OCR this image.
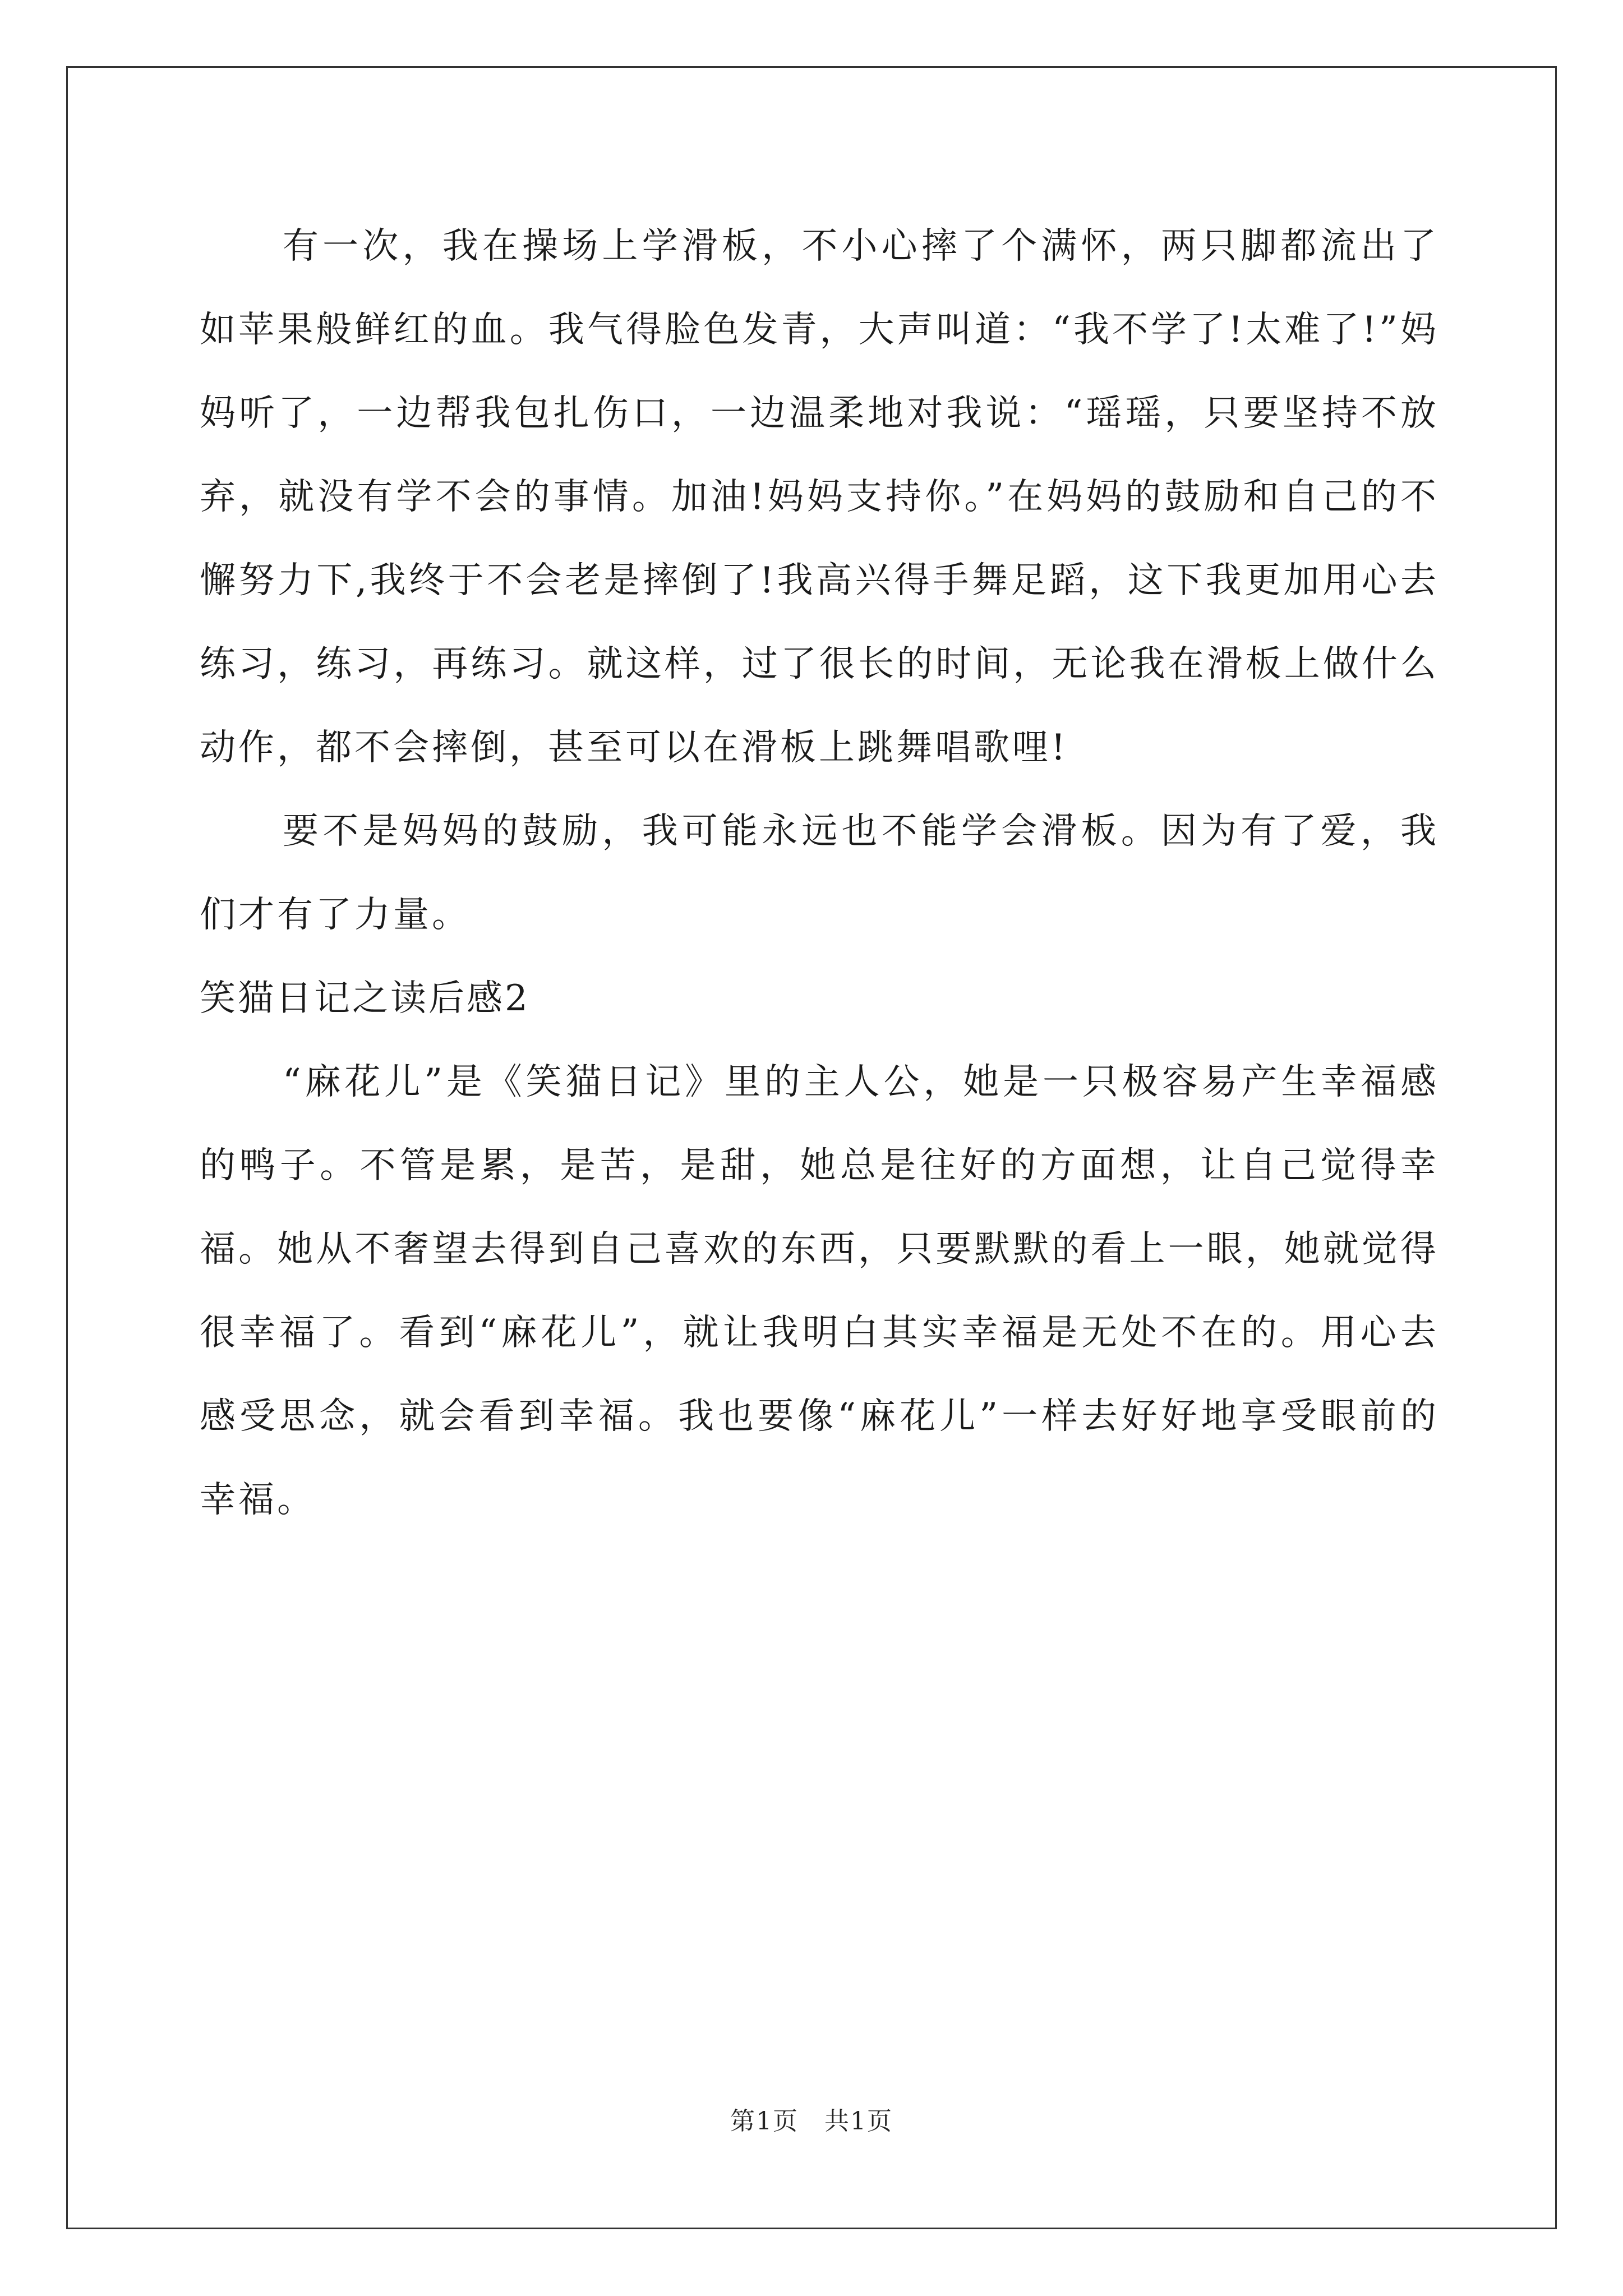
有一次，我在操场上学滑板，不小心摔了个满怀，两只脚都流出了如苹果般鲜红的血。我气得脸色发青，大声叫道：“我不学了!太难了!”妈妈听了，一边帮我包扎伤口，一边温柔地对我说：“瑶瑶，只要坚持不放弃，就没有学不会的事情。加油!妈妈支持你。”在妈妈的鼓励和自己的不懈努力下,我终于不会老是摔倒了!我高兴得手舞足蹈，这下我更加用心去练习，练习，再练习。就这样，过了很长的时间，无论我在滑板上做什么动作，都不会摔倒，甚至可以在滑板上跳舞唱歌哩!

要不是妈妈的鼓励，我可能永远也不能学会滑板。因为有了爱，我们才有了力量。

笑猫日记之读后感2

“麻花儿”是《笑猫日记》里的主人公，她是一只极容易产生幸福感的鸭子。不管是累，是苦，是甜，她总是往好的方面想，让自己觉得幸福。她从不奢望去得到自己喜欢的东西，只要默默的看上一眼，她就觉得很幸福了。看到“麻花儿”，就让我明白其实幸福是无处不在的。用心去感受思念，就会看到幸福。我也要像“麻花儿”一样去好好地享受眼前的幸福。

第1页　共1页
